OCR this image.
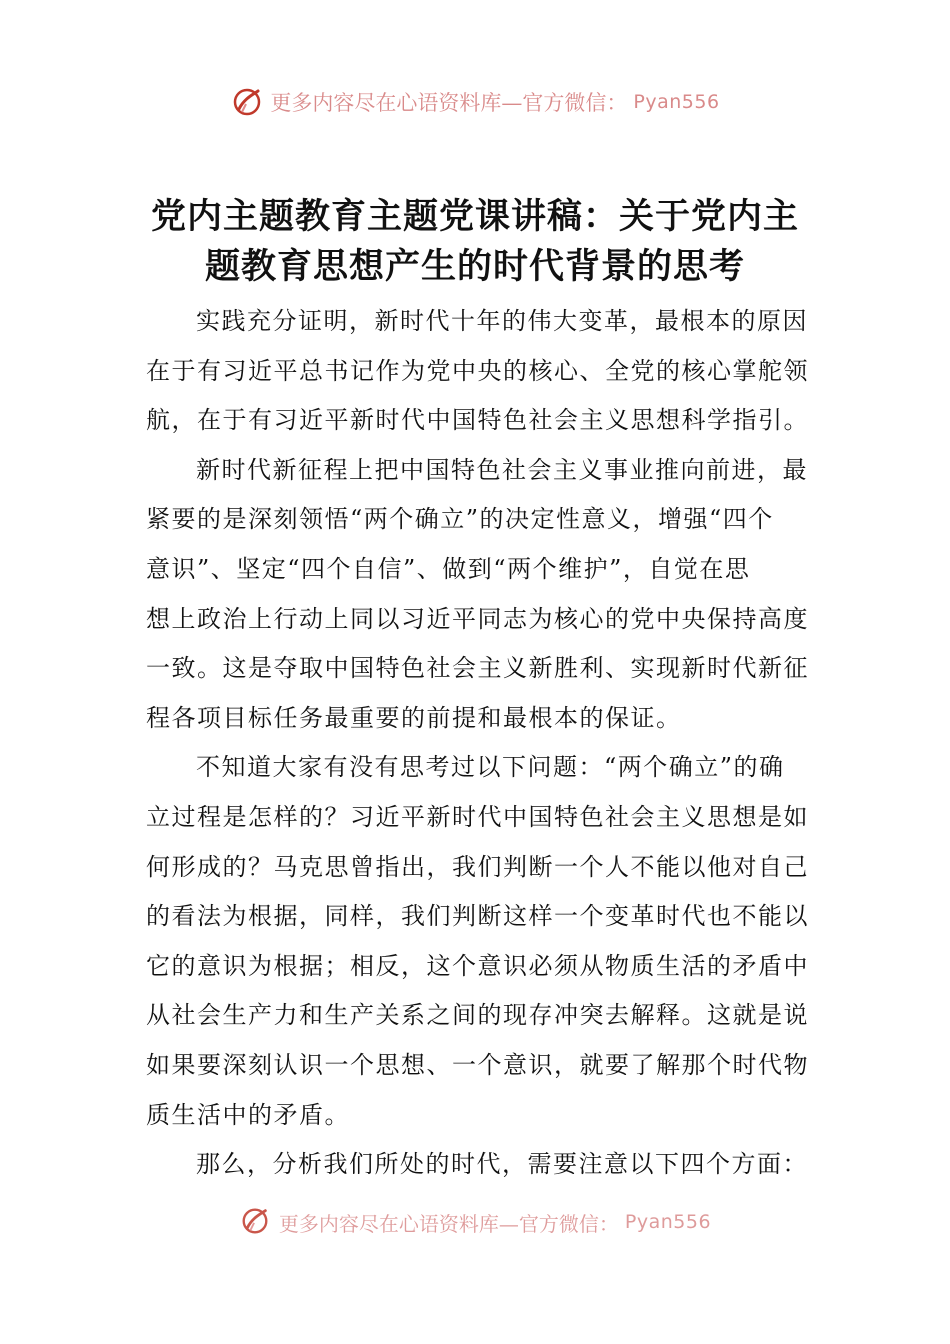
更多内容尽在心语资料库—官方微信： Pyan556
党内主题教育主题党课讲稿：关于党内主
题教育思想产生的时代背景的思考

实践充分证明，新时代十年的伟大变革，最根本的原因
在于有习近平总书记作为党中央的核心、全党的核心掌舵领
航，在于有习近平新时代中国特色社会主义思想科学指引。

新时代新征程上把中国特色社会主义事业推向前进，最
紧要的是深刻领悟“两个确立”的决定性意义，增强“四个
意识”、坚定“四个自信”、做到“两个维护”，自觉在思
想上政治上行动上同以习近平同志为核心的党中央保持高度
一致。这是夺取中国特色社会主义新胜利、实现新时代新征
程各项目标任务最重要的前提和最根本的保证。

不知道大家有没有思考过以下问题：“两个确立”的确
立过程是怎样的？习近平新时代中国特色社会主义思想是如
何形成的？马克思曾指出，我们判断一个人不能以他对自己
的看法为根据，同样，我们判断这样一个变革时代也不能以
它的意识为根据；相反，这个意识必须从物质生活的矛盾中
从社会生产力和生产关系之间的现存冲突去解释。这就是说
如果要深刻认识一个思想、一个意识，就要了解那个时代物
质生活中的矛盾。

那么，分析我们所处的时代，需要注意以下四个方面：

更多内容尽在心语资料库—官方微信： Pyan556
